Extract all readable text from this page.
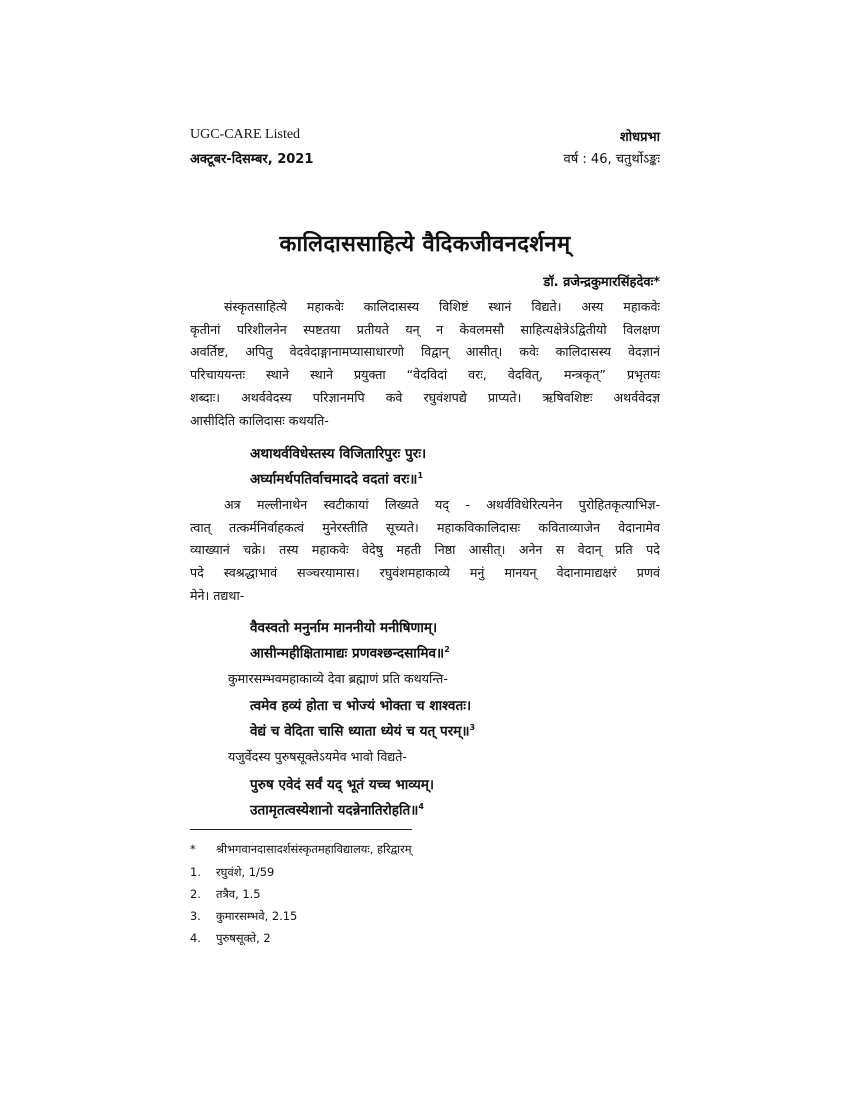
UGC-CARE Listed	शोधप्रभा
अक्टूबर-दिसम्बर, 2021	वर्ष : 46, चतुर्थोऽङ्कः
कालिदाससाहित्ये वैदिकजीवनदर्शनम्
डॉ. व्रजेन्द्रकुमारसिंहदेवः*
संस्कृतसाहित्ये महाकवेः कालिदासस्य विशिष्टं स्थानं विद्यते। अस्य महाकवेः
कृतीनां परिशीलनेन स्पष्टतया प्रतीयते यन् न केवलमसौ साहित्यक्षेत्रेऽद्वितीयो विलक्षण
अवर्तिष्ट, अपितु वेदवेदाङ्गानामप्यासाधारणो विद्वान् आसीत्। कवेः कालिदासस्य वेदज्ञानं
परिचाययन्तः स्थाने स्थाने प्रयुक्ता “वेदविदां वरः, वेदवित्, मन्त्रकृत्” प्रभृतयः
शब्दाः। अथर्ववेदस्य परिज्ञानमपि कवे रघुवंशपद्ये प्राप्यते। ऋषिवशिष्टः अथर्ववेदज्ञ
आसीदिति कालिदासः कथयति-
अथाथर्वविधेस्तस्य विजितारिपुरः पुरः।
अर्घ्यामर्थपतिर्वाचमाददे वदतां वरः॥$^1$
अत्र मल्लीनाथेन स्वटीकायां लिख्यते यद् - अथर्वविधेरित्यनेन पुरोहितकृत्याभिज्ञ-
त्वात् तत्कर्मनिर्वाहकत्वं मुनेरस्तीति सूच्यते। महाकविकालिदासः कविताव्याजेन वेदानामेव
व्याख्यानं चक्रे। तस्य महाकवेः वेदेषु महती निष्ठा आसीत्। अनेन स वेदान् प्रति पदे
पदे स्वश्रद्धाभावं सञ्चरयामास। रघुवंशमहाकाव्ये मनुं मानयन् वेदानामाद्यक्षरं प्रणवं
मेने। तद्यथा-
वैवस्वतो मनुर्नाम माननीयो मनीषिणाम्।
आसीन्महीक्षितामाद्यः प्रणवश्छन्दसामिव॥$^2$
कुमारसम्भवमहाकाव्ये देवा ब्रह्माणं प्रति कथयन्ति-
त्वमेव हव्यं होता च भोज्यं भोक्ता च शाश्वतः।
वेद्यं च वेदिता चासि ध्याता ध्येयं च यत् परम्॥$^3$
यजुर्वेदस्य पुरुषसूक्तेऽयमेव भावो विद्यते-
पुरुष एवेदं सर्वं यद् भूतं यच्च भाव्यम्।
उतामृतत्वस्येशानो यदन्नेनातिरोहति॥$^4$
* श्रीभगवानदासादर्शसंस्कृतमहाविद्यालयः, हरिद्वारम्
1. रघुवंशे, 1/59
2. तत्रैव, 1.5
3. कुमारसम्भवे, 2.15
4. पुरुषसूक्ते, 2
